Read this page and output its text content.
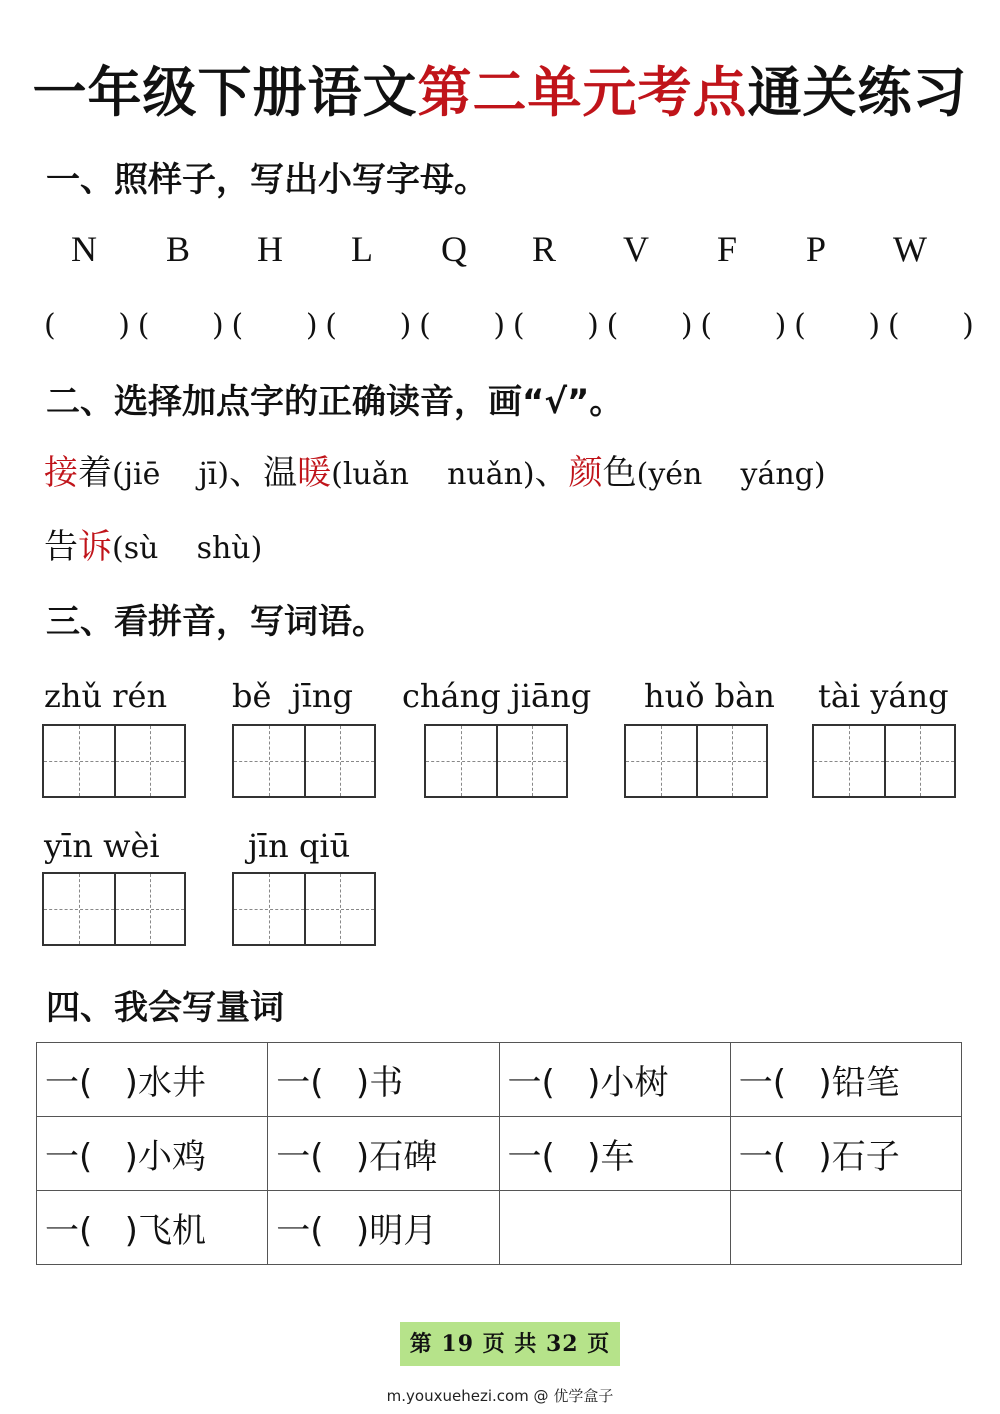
一年级下册语文第二单元考点通关练习
一、照样子，写出小写字母。
N	B	H	L	Q	R	V	F	P	W
( ) ( ) ( ) ( ) ( ) ( ) ( ) ( ) ( ) ( )
二、选择加点字的正确读音，画“√”。
接着(jiē    jī)、温暖(luǎn    nuǎn)、颜色(yén    yáng)
告诉(sù    shù)
三、看拼音，写词语。
zhǔ rén bě  jīng cháng jiāng huǒ bàn tài yáng
yīn wèi	jīn qiū
四、我会写量词
一(   )水井	一(   )书	一(   )小树	一(   )铅笔
一(   )小鸡	一(   )石碑	一(   )车	一(   )石子
一(   )飞机	一(   )明月		
第 19 页 共 32 页
m.youxuehezi.com @ 优学盒子
